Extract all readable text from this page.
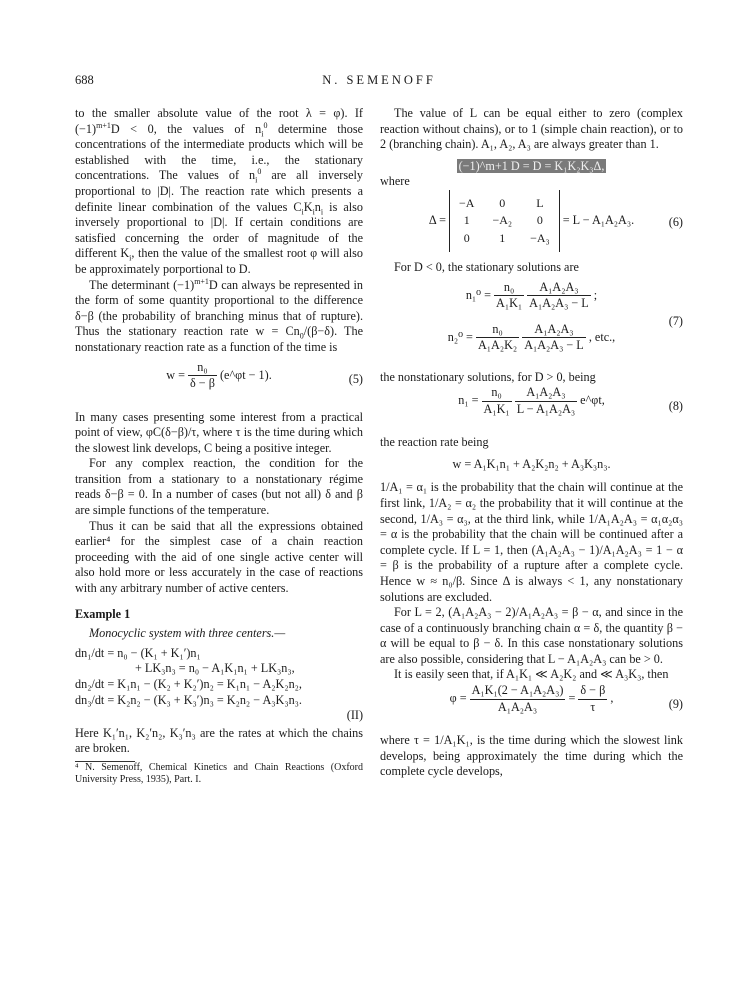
688	N. SEMENOFF

to the smaller absolute value of the root λ = φ). If $(-1)^{m+1}D < 0$, the values of $n_i^0$ determine those concentrations of the intermediate products which will be established with the time, i.e., the stationary concentrations. The values of $n_i^0$ are all inversely proportional to |D|. The reaction rate which presents a definite linear combination of the values $C_iK_in_i$ is also inversely proportional to |D|. If certain conditions are satisfied concerning the order of magnitude of the different $K_i$, then the value of the smallest root φ will also be approximately porportional to D.

The determinant $(-1)^{m+1}D$ can always be represented in the form of some quantity proportional to the difference δ−β (the probability of branching minus that of rupture). Thus the stationary reaction rate $w = Cn_0/(\beta-\delta)$. The nonstationary reaction rate as a function of the time is

$w = \frac{\text{n₀}}{\delta - \beta}$ (e^φt − 1).	(5)

In many cases presenting some interest from a practical point of view, φC(δ−β)/τ, where τ is the time during which the slowest link develops, C being a positive integer.

For any complex reaction, the condition for the transition from a stationary to a nonstationary régime reads δ−β = 0. In a number of cases (but not all) δ and β are simple functions of the temperature.

Thus it can be said that all the expressions obtained earlier⁴ for the simplest case of a chain reaction proceeding with the aid of one single active center will also hold more or less accurately in the case of reactions with any arbitrary number of active centers.

Example 1

Monocyclic system with three centers.—

dn₁/dt = n₀ − (K₁ + K₁′)n₁

+ LK₃n₃ = n₀ − A₁K₁n₁ + LK₃n₃,

dn₂/dt = K₁n₁ − (K₂ + K₂′)n₂ = K₁n₁ − A₂K₂n₂,

dn₃/dt = K₂n₂ − (K₃ + K₃′)n₃ = K₂n₂ − A₃K₃n₃.

(II)

Here K₁′n₁, K₂′n₂, K₃′n₃ are the rates at which the chains are broken.

⁴ N. Semenoff, Chemical Kinetics and Chain Reactions (Oxford University Press, 1935), Part. I.

The value of L can be equal either to zero (complex reaction without chains), or to 1 (simple chain reaction), or to 2 (branching chain). A₁, A₂, A₃ are always greater than 1.

(−1)^m+1 D = D = K₁K₂K₃Δ,

where

Δ = −A	0	L
1	−A₂	0
0	1	−A₃ = L − A₁A₂A₃.	(6)

For D < 0, the stationary solutions are

$n_1^0 = \frac{\text{n₀}}{\text{A₁K₁}}$
$\frac{\text{A₁A₂A₃}}{\text{A₁A₂A₃ − L}}$ ;
$n_2^0 = \frac{\text{n₀}}{\text{A₁A₂K₂}}$
$\frac{\text{A₁A₂A₃}}{\text{A₁A₂A₃ − L}}$ , etc.,
(7)

the nonstationary solutions, for D > 0, being

$n_1 = \frac{\text{n₀}}{\text{A₁K₁}}$
$\frac{\text{A₁A₂A₃}}{\text{L − A₁A₂A₃}}$ e^φt,	(8)

the reaction rate being

w = A₁K₁n₁ + A₂K₂n₂ + A₃K₃n₃.

1/A₁ = α₁ is the probability that the chain will continue at the first link, 1/A₂ = α₂ the probability that it will continue at the second, 1/A₃ = α₃, at the third link, while 1/A₁A₂A₃ = α₁α₂α₃ = α is the probability that the chain will be continued after a complete cycle. If L = 1, then (A₁A₂A₃ − 1)/A₁A₂A₃ = 1 − α = β is the probability of a rupture after a complete cycle. Hence w ≈ n₀/β. Since Δ is always < 1, any nonstationary solutions are excluded.

For L = 2, (A₁A₂A₃ − 2)/A₁A₂A₃ = β − α, and since in the case of a continuously branching chain α = δ, the quantity β − α will be equal to β − δ. In this case nonstationary solutions are also possible, considering that L − A₁A₂A₃ can be > 0.

It is easily seen that, if A₁K₁ ≪ A₂K₂ and ≪ A₃K₃, then

$\varphi = \frac{\text{A₁K₁(2 − A₁A₂A₃)}}{\text{A₁A₂A₃}} = \frac{\delta - \beta}{\tau}$ ,	(9)

where τ = 1/A₁K₁, is the time during which the slowest link develops, being approximately the time during which the complete cycle develops,
